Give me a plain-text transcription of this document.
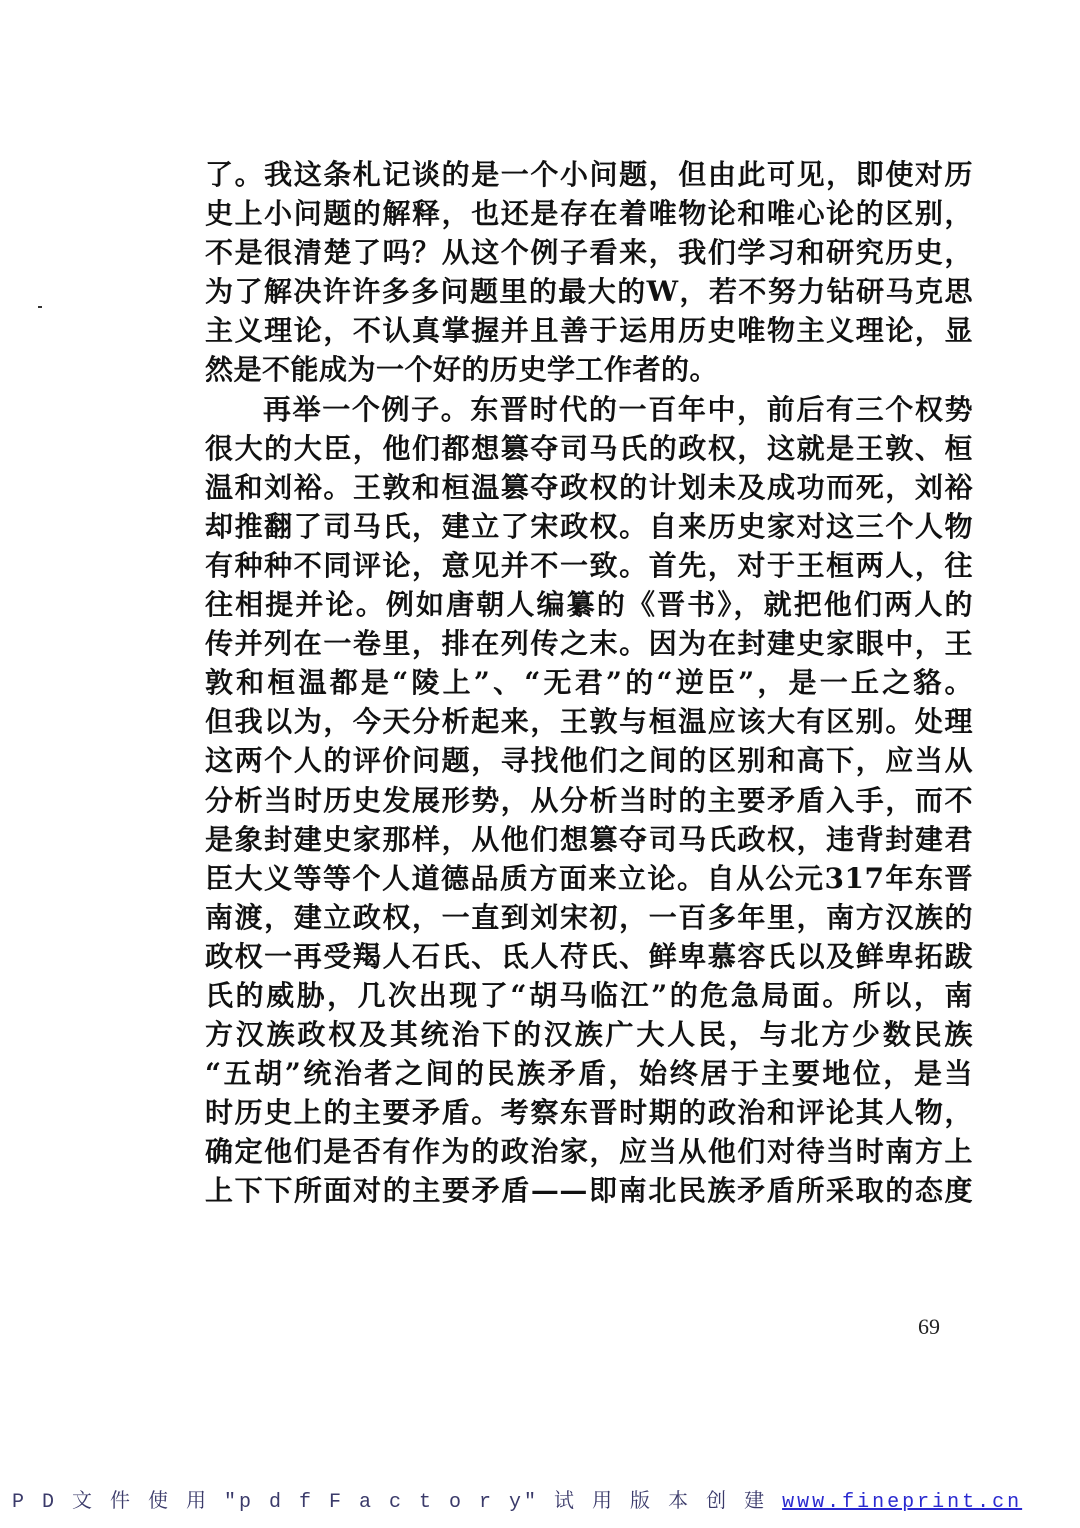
了。我这条札记谈的是一个小问题，但由此可见，即使对历
史上小问题的解释，也还是存在着唯物论和唯心论的区别，
不是很清楚了吗？从这个例子看来，我们学习和研究历史，
为了解决许许多多问题里的最大的W，若不努力钻研马克思
主义理论，不认真掌握并且善于运用历史唯物主义理论，显
然是不能成为一个好的历史学工作者的。
再举一个例子。东晋时代的一百年中，前后有三个权势
很大的大臣，他们都想篡夺司马氏的政权，这就是王敦、桓
温和刘裕。王敦和桓温篡夺政权的计划未及成功而死，刘裕
却推翻了司马氏，建立了宋政权。自来历史家对这三个人物
有种种不同评论，意见并不一致。首先，对于王桓两人，往
往相提并论。例如唐朝人编纂的《晋书》，就把他们两人的
传并列在一卷里，排在列传之末。因为在封建史家眼中，王
敦和桓温都是“陵上”、“无君”的“逆臣”，是一丘之貉。
但我以为，今天分析起来，王敦与桓温应该大有区别。处理
这两个人的评价问题，寻找他们之间的区别和高下，应当从
分析当时历史发展形势，从分析当时的主要矛盾入手，而不
是象封建史家那样，从他们想篡夺司马氏政权，违背封建君
臣大义等等个人道德品质方面来立论。自从公元317年东晋
南渡，建立政权，一直到刘宋初，一百多年里，南方汉族的
政权一再受羯人石氏、氐人苻氏、鲜卑慕容氏以及鲜卑拓跋
氏的威胁，几次出现了“胡马临江”的危急局面。所以，南
方汉族政权及其统治下的汉族广大人民，与北方少数民族
“五胡”统治者之间的民族矛盾，始终居于主要地位，是当
时历史上的主要矛盾。考察东晋时期的政治和评论其人物，
确定他们是否有作为的政治家，应当从他们对待当时南方上
上下下所面对的主要矛盾——即南北民族矛盾所采取的态度
69
P D 文 件 使 用 "p d f F a c t o r y" 试 用 版 本 创 建 www.fineprint.cn
